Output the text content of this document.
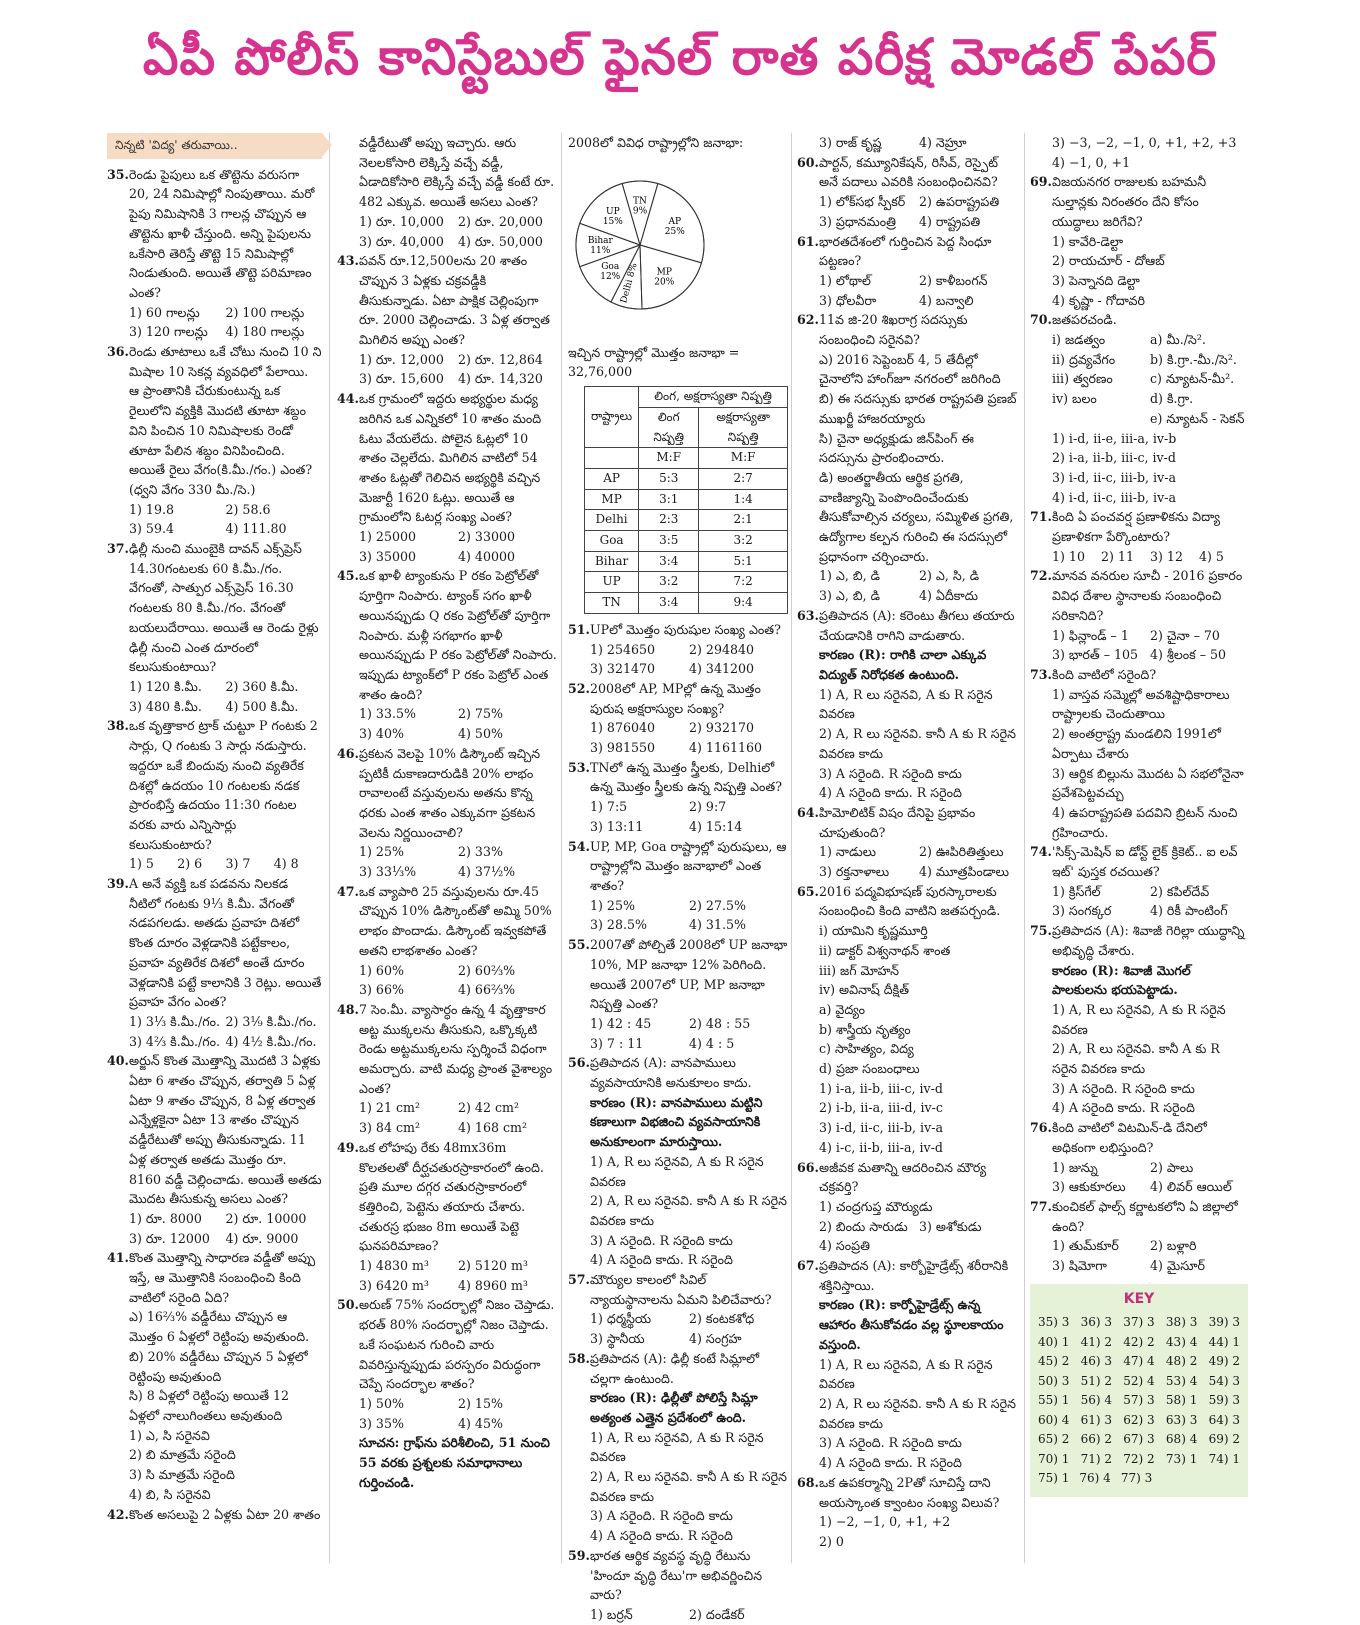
ఏపీ పోలీస్ కానిస్టేబుల్ ఫైనల్ రాత పరీక్ష మోడల్ పేపర్
నిన్నటి 'విద్య' తరువాయి..
35. రెండు పైపులు ఒక తొట్టెను వరుసగా 20, 24 నిమిషాల్లో నింపుతాయి. మరో పైపు నిమిషానికి 3 గాలన్ల చొప్పున ఆ తొట్టెను ఖాళీ చేస్తుంది. అన్ని పైపులను ఒకేసారి తెరిస్తే తొట్టె 15 నిమిషాల్లో నిండుతుంది. అయితే తొట్టె పరిమాణం ఎంత?
1) 60 గాలన్లు	2) 100 గాలన్లు
3) 120 గాలన్లు	4) 180 గాలన్లు
36. రెండు తూటాలు ఒకే చోటు నుంచి 10 ని మిషాల 10 సెకన్ల వ్యవధిలో పేలాయి. ఆ ప్రాంతానికి చేరుకుంటున్న ఒక రైలులోని వ్యక్తికి మొదటి తూటా శబ్దం విని పించిన 10 నిమిషాలకు రెండో తూటా పేలిన శబ్దం వినిపించింది. అయితే రైలు వేగం(కి.మీ./గం.) ఎంత? (ధ్వని వేగం 330 మీ./సె.)
1) 19.8	2) 58.6
3) 59.4	4) 111.80
37. ఢిల్లీ నుంచి ముంబైకి దావన్ ఎక్స్‌ప్రెస్ 14.30గంటలకు 60 కి.మీ./గం. వేగంతో, సాత్పుర ఎక్స్‌ప్రెస్ 16.30 గంటలకు 80 కి.మీ./గం. వేగంతో బయలుదేరాయి. అయితే ఆ రెండు రైళ్లు ఢిల్లీ నుంచి ఎంత దూరంలో కలుసుకుంటాయి?
1) 120 కి.మీ.	2) 360 కి.మీ.
3) 480 కి.మీ.	4) 500 కి.మీ.
38. ఒక వృత్తాకార ట్రాక్ చుట్టూ P గంటకు 2 సార్లు, Q గంటకు 3 సార్లు నడుస్తారు. ఇద్దరూ ఒకే బిందువు నుంచి వ్యతిరేక దిశల్లో ఉదయం 10 గంటలకు నడక ప్రారంభిస్తే ఉదయం 11:30 గంటల వరకు వారు ఎన్నిసార్లు కలుసుకుంటారు?
1) 5	2) 6	3) 7	4) 8
39. A అనే వ్యక్తి ఒక పడవను నిలకడ నీటిలో గంటకు 9⅓ కి.మీ. వేగంతో నడపగలడు. అతడు ప్రవాహ దిశలో కొంత దూరం వెళ్లడానికి పట్టేకాలం, ప్రవాహ వ్యతిరేక దిశలో అంతే దూరం వెళ్లడానికి పట్టే కాలానికి 3 రెట్లు. అయితే ప్రవాహ వేగం ఎంత?
1) 3⅓ కి.మీ./గం. 2) 3⅑ కి.మీ./గం.
3) 4⅔ కి.మీ./గం. 4) 4½ కి.మీ./గం.
40. అర్జున్ కొంత మొత్తాన్ని మొదటి 3 ఏళ్లకు ఏటా 6 శాతం చొప్పున, తర్వాతి 5 ఏళ్ల ఏటా 9 శాతం చొప్పున, 8 ఏళ్ల తర్వాత ఎన్నేళ్లకైనా ఏటా 13 శాతం చొప్పున వడ్డీరేటుతో అప్పు తీసుకున్నాడు. 11 ఏళ్ల తర్వాత అతడు మొత్తం రూ. 8160 వడ్డీ చెల్లించాడు. అయితే అతడు మొదట తీసుకున్న అసలు ఎంత?
1) రూ. 8000	2) రూ. 10000
3) రూ. 12000	4) రూ. 9000
41. కొంత మొత్తాన్ని సాధారణ వడ్డీతో అప్పు ఇస్తే, ఆ మొత్తానికి సంబంధించి కింది వాటిలో సరైంది ఏది?
ఎ) 16⅔% వడ్డీరేటు చొప్పున ఆ మొత్తం 6 ఏళ్లలో రెట్టింపు అవుతుంది.
బి) 20% వడ్డీరేటు చొప్పున 5 ఏళ్లలో రెట్టింపు అవుతుంది
సి) 8 ఏళ్లలో రెట్టింపు అయితే 12 ఏళ్లలో నాలుగింతలు అవుతుంది
1) ఎ, సి సరైనవి
2) బి మాత్రమే సరైంది
3) సి మాత్రమే సరైంది
4) బి, సి సరైనవి
42. కొంత అసలుపై 2 ఏళ్లకు ఏటా 20 శాతం
వడ్డీరేటుతో అప్పు ఇచ్చారు. ఆరు నెలలకోసారి లెక్కిస్తే వచ్చే వడ్డీ, ఏడాదికోసారి లెక్కిస్తే వచ్చే వడ్డీ కంటే రూ. 482 ఎక్కువ. అయితే అసలు ఎంత?
1) రూ. 10,000	2) రూ. 20,000
3) రూ. 40,000	4) రూ. 50,000
43. పవన్ రూ.12,500లను 20 శాతం చొప్పున 3 ఏళ్లకు చక్రవడ్డీకి తీసుకున్నాడు. ఏటా పాక్షిక చెల్లింపుగా రూ. 2000 చెల్లించాడు. 3 ఏళ్ల తర్వాత మిగిలిన అప్పు ఎంత?
1) రూ. 12,000	2) రూ. 12,864
3) రూ. 15,600	4) రూ. 14,320
44. ఒక గ్రామంలో ఇద్దరు అభ్యర్థుల మధ్య జరిగిన ఒక ఎన్నికలో 10 శాతం మంది ఓటు వేయలేదు. పోలైన ఓట్లలో 10 శాతం చెల్లలేదు. మిగిలిన వాటిలో 54 శాతం ఓట్లతో గెలిచిన అభ్యర్థికి వచ్చిన మెజార్టీ 1620 ఓట్లు. అయితే ఆ గ్రామంలోని ఓటర్ల సంఖ్య ఎంత?
1) 25000	2) 33000
3) 35000	4) 40000
45. ఒక ఖాళీ ట్యాంకును P రకం పెట్రోల్‌తో పూర్తిగా నింపారు. ట్యాంక్ సగం ఖాళీ అయినప్పుడు Q రకం పెట్రోల్‌తో పూర్తిగా నింపారు. మళ్లీ సగభాగం ఖాళీ అయినప్పుడు P రకం పెట్రోల్‌తో నింపారు. ఇప్పుడు ట్యాంక్‌లో P రకం పెట్రోల్ ఎంత శాతం ఉంది?
1) 33.5%	2) 75%
3) 40%	4) 50%
46. ప్రకటన వెలపై 10% డిస్కౌంట్ ఇచ్చిన ప్పటికీ దుకాణదారుడికి 20% లాభం రావాలంటే వస్తువులను అతను కొన్న ధరకు ఎంత శాతం ఎక్కువగా ప్రకటన వెలను నిర్ణయించాలి?
1) 25%	2) 33%
3) 33⅓%	4) 37½%
47. ఒక వ్యాపారి 25 వస్తువులను రూ.45 చొప్పున 10% డిస్కౌంట్‌తో అమ్మి 50% లాభం పొందాడు. డిస్కౌంట్ ఇవ్వకపోతే అతని లాభశాతం ఎంత?
1) 60%	2) 60⅔%
3) 66%	4) 66⅔%
48. 7 సెం.మీ. వ్యాసార్ధం ఉన్న 4 వృత్తాకార అట్ట ముక్కలను తీసుకుని, ఒక్కొక్కటి రెండు అట్టముక్కలను స్పర్శించే విధంగా అమర్చారు. వాటి మధ్య ప్రాంత వైశాల్యం ఎంత?
1) 21 cm²	2) 42 cm²
3) 84 cm²	4) 168 cm²
49. ఒక లోహపు రేకు 48mx36m కొలతలతో దీర్ఘచతురస్రాకారంలో ఉంది. ప్రతి మూల దగ్గర చతురస్రాకారంలో కత్తిరించి, పెట్టెను తయారు చేశారు. చతురస్ర భుజం 8m అయితే పెట్టె ఘనపరిమాణం?
1) 4830 m³	2) 5120 m³
3) 6420 m³	4) 8960 m³
50. అరుణ్ 75% సందర్భాల్లో నిజం చెప్తాడు. భరత్ 80% సందర్భాల్లో నిజం చెప్తాడు. ఒకే సంఘటన గురించి వారు వివరిస్తున్నప్పుడు పరస్పరం విరుద్ధంగా చెప్పే సందర్భాల శాతం?
1) 50%	2) 15%
3) 35%	4) 45%
సూచన: గ్రాఫ్‌ను పరిశీలించి, 51 నుంచి 55 వరకు ప్రశ్నలకు సమాధానాలు గుర్తించండి.
2008లో వివిధ రాష్ట్రాల్లోని జనాభా:
TN 9%
AP 25%
MP 20%
Delhi 8%
Goa 12%
Bihar 11%
UP 15%
ఇచ్చిన రాష్ట్రాల్లో మొత్తం జనాభా = 32,76,000
రాష్ట్రాలు	లింగ, అక్షరాస్యతా నిష్పత్తి	
	లింగ నిష్పత్తి	అక్షరాస్యతా నిష్పత్తి
	M:F	M:F
AP	5:3	2:7
MP	3:1	1:4
Delhi	2:3	2:1
Goa	3:5	3:2
Bihar	3:4	5:1
UP	3:2	7:2
TN	3:4	9:4
51. UPలో మొత్తం పురుషుల సంఖ్య ఎంత?
1) 254650	2) 294840
3) 321470	4) 341200
52. 2008లో AP, MPల్లో ఉన్న మొత్తం పురుష అక్షరాస్యుల సంఖ్య?
1) 876040	2) 932170
3) 981550	4) 1161160
53. TNలో ఉన్న మొత్తం స్త్రీలకు, Delhiలో ఉన్న మొత్తం స్త్రీలకు ఉన్న నిష్పత్తి ఎంత?
1) 7:5	2) 9:7
3) 13:11	4) 15:14
54. UP, MP, Goa రాష్ట్రాల్లో పురుషులు, ఆ రాష్ట్రాల్లోని మొత్తం జనాభాలో ఎంత శాతం?
1) 25%	2) 27.5%
3) 28.5%	4) 31.5%
55. 2007తో పోల్చితే 2008లో UP జనాభా 10%, MP జనాభా 12% పెరిగింది. అయితే 2007లో UP, MP జనాభా నిష్పత్తి ఎంత?
1) 42 : 45	2) 48 : 55
3) 7 : 11	4) 4 : 5
56. ప్రతిపాదన (A): వానపాములు వ్యవసాయానికి అనుకూలం కాదు.
కారణం (R): వానపాములు మట్టిని కణాలుగా విభజించి వ్యవసాయానికి అనుకూలంగా మారుస్తాయి.
1) A, R లు సరైనవి, A కు R సరైన వివరణ
2) A, R లు సరైనవి. కానీ A కు R సరైన వివరణ కాదు
3) A సరైంది. R సరైంది కాదు
4) A సరైంది కాదు. R సరైంది
57. మౌర్యుల కాలంలో సివిల్ న్యాయస్థానాలను ఏమని పిలిచేవారు?
1) ధర్మస్థీయ	2) కంటకశోధ
3) స్థానీయ	4) సంగ్రహ
58. ప్రతిపాదన (A): ఢిల్లీ కంటే సిమ్లాలో చల్లగా ఉంటుంది.
కారణం (R): ఢిల్లీతో పోలిస్తే సిమ్లా అత్యంత ఎత్తైన ప్రదేశంలో ఉంది.
1) A, R లు సరైనవి, A కు R సరైన వివరణ
2) A, R లు సరైనవి. కానీ A కు R సరైన వివరణ కాదు
3) A సరైంది. R సరైంది కాదు
4) A సరైంది కాదు. R సరైంది
59. భారత ఆర్థిక వ్యవస్థ వృద్ధి రేటును 'హిందూ వృద్ధి రేటు'గా అభివర్ణించిన వారు?
1) బర్రన్	2) దండేకర్
3) రాజ్ కృష్ణ	4) నెహ్రూ
60. పార్టన్, కమ్యూనికేషన్, రిసీవ్, రెస్పైట్ అనే పదాలు ఎవరికి సంబంధించినవి?
1) లోక్‌సభ స్పీకర్	2) ఉపరాష్ట్రపతి
3) ప్రధానమంత్రి	4) రాష్ట్రపతి
61. భారతదేశంలో గుర్తించిన పెద్ద సింధూ పట్టణం?
1) లోథాల్	2) కాళీబంగన్
3) ధోలవీరా	4) బన్వాలి
62. 11వ జి-20 శిఖరాగ్ర సదస్సుకు సంబంధించి సరైనవి?
ఎ) 2016 సెప్టెంబర్ 4, 5 తేదీల్లో చైనాలోని హాంగ్‌జూ నగరంలో జరిగింది
బి) ఈ సదస్సుకు భారత రాష్ట్రపతి ప్రణబ్ ముఖర్జీ హాజరయ్యారు
సి) చైనా అధ్యక్షుడు జిన్‌పింగ్ ఈ సదస్సును ప్రారంభించారు.
డి) అంతర్జాతీయ ఆర్థిక ప్రగతి, వాణిజ్యాన్ని పెంపొందించేందుకు తీసుకోవాల్సిన చర్యలు, సమ్మిళిత ప్రగతి, ఉద్యోగాల కల్పన గురించి ఈ సదస్సులో ప్రధానంగా చర్చించారు.
1) ఎ, బి, డి	2) ఎ, సి, డి
3) ఎ, బి, డి	4) ఏదీకాదు
63. ప్రతిపాదన (A): కరెంటు తీగలు తయారు చేయడానికి రాగిని వాడుతారు.
కారణం (R): రాగికి చాలా ఎక్కువ విద్యుత్ నిరోధకత ఉంటుంది.
1) A, R లు సరైనవి, A కు R సరైన వివరణ
2) A, R లు సరైనవి. కానీ A కు R సరైన వివరణ కాదు
3) A సరైంది. R సరైంది కాదు
4) A సరైంది కాదు. R సరైంది
64. హిమోలిటిక్ విషం దేనిపై ప్రభావం చూపుతుంది?
1) నాడులు	2) ఊపిరితిత్తులు
3) రక్తనాళాలు	4) మూత్రపిండాలు
65. 2016 పద్మవిభూషణ్ పురస్కారాలకు సంబంధించి కింది వాటిని జతపర్చండి.
i) యామిని కృష్ణమూర్తి
ii) డాక్టర్ విశ్వనాథన్ శాంత
iii) జగ్ మోహన్
iv) అవినాష్ దీక్షిత్
a) వైద్యం
b) శాస్త్రీయ నృత్యం
c) సాహిత్యం, విద్య
d) ప్రజా సంబంధాలు
1) i-a, ii-b, iii-c, iv-d
2) i-b, ii-a, iii-d, iv-c
3) i-d, ii-c, iii-b, iv-a
4) i-c, ii-b, iii-a, iv-d
66. అజీవక మతాన్ని ఆదరించిన మౌర్య చక్రవర్తి?
1) చంద్రగుప్త మౌర్యుడు
2) బిందు సారుడు 3) అశోకుడు
4) సంప్రతి
67. ప్రతిపాదన (A): కార్బోహైడ్రేట్స్ శరీరానికి శక్తినిస్తాయి.
కారణం (R): కార్బోహైడ్రేట్స్ ఉన్న ఆహారం తీసుకోవడం వల్ల స్థూలకాయం వస్తుంది.
1) A, R లు సరైనవి, A కు R సరైన వివరణ
2) A, R లు సరైనవి. కానీ A కు R సరైన వివరణ కాదు
3) A సరైంది. R సరైంది కాదు
4) A సరైంది కాదు. R సరైంది
68. ఒక ఉపకర్మాన్ని 2Pతో సూచిస్తే దాని అయస్కాంత క్వాంటం సంఖ్య విలువ?
1) −2, −1, 0, +1, +2
2) 0
3) −3, −2, −1, 0, +1, +2, +3
4) −1, 0, +1
69. విజయనగర రాజులకు బహమనీ సుల్తాన్లకు నిరంతరం దేని కోసం యుద్ధాలు జరిగేవి?
1) కావేరి-డెల్టా
2) రాయచూర్ - దోఆబ్
3) పెన్నానది డెల్టా
4) కృష్ణా - గోదావరి
70. జతపరచండి.
i) జడత్వం	a) మీ./సె².
ii) ద్రవ్యవేగం	b) కి.గ్రా.-మీ./సె².
iii) త్వరణం	c) న్యూటన్-మీ².
iv) బలం	d) కి.గ్రా.
e) న్యూటన్ - సెకన్
1) i-d, ii-e, iii-a, iv-b
2) i-a, ii-b, iii-c, iv-d
3) i-d, ii-c, iii-b, iv-a
4) i-d, ii-c, iii-b, iv-a
71. కింది ఏ పంచవర్ష ప్రణాళికను విద్యా ప్రణాళికగా పేర్కొంటారు?
1) 10	2) 11	3) 12	4) 5
72. మానవ వనరుల సూచీ - 2016 ప్రకారం వివిధ దేశాల స్థానాలకు సంబంధించి సరికానిది?
1) ఫిన్లాండ్ – 1	2) చైనా – 70
3) భారత్ – 105 4) శ్రీలంక – 50
73. కింది వాటిలో సరైంది?
1) వాస్తవ సమ్మెల్లో అవశిష్టాధికారాలు రాష్ట్రాలకు చెందుతాయి
2) అంతర్రాష్ట్ర మండలిని 1991లో ఏర్పాటు చేశారు
3) ఆర్థిక బిల్లును మొదట ఏ సభలోనైనా ప్రవేశపెట్టవచ్చు
4) ఉపరాష్ట్రపతి పదవిని బ్రిటన్ నుంచి గ్రహించారు.
74. 'సిక్స్-మెషిన్ ఐ డోన్ట్ లైక్ క్రికెట్.. ఐ లవ్ ఇట్' పుస్తక రచయిత?
1) క్రిస్‌గేల్	2) కపిల్‌దేవ్
3) సంగక్కర	4) రికీ పాంటింగ్
75. ప్రతిపాదన (A): శివాజీ గెరిల్లా యుద్ధాన్ని అభివృద్ధి చేశారు.
కారణం (R): శివాజీ మొగల్ పాలకులను భయపెట్టాడు.
1) A, R లు సరైనవి, A కు R సరైన వివరణ
2) A, R లు సరైనవి. కానీ A కు R సరైన వివరణ కాదు
3) A సరైంది. R సరైంది కాదు
4) A సరైంది కాదు. R సరైంది
76. కింది వాటిలో విటమిన్-డి దేనిలో అధికంగా లభిస్తుంది?
1) జున్ను	2) పాలు
3) ఆకుకూరలు	4) లివర్ ఆయిల్
77. కుంచికల్ ఫాల్స్ కర్ణాటకలోని ఏ జిల్లాలో ఉంది?
1) తుమ్‌కూర్	2) బళ్లారి
3) షిమోగా	4) మైసూర్
KEY
35) 3 36) 3 37) 3 38) 3 39) 3
40) 1 41) 2 42) 2 43) 4 44) 1
45) 2 46) 3 47) 4 48) 2 49) 2
50) 3 51) 2 52) 4 53) 4 54) 3
55) 1 56) 4 57) 3 58) 1 59) 3
60) 4 61) 3 62) 3 63) 3 64) 3
65) 2 66) 2 67) 3 68) 4 69) 2
70) 1 71) 2 72) 2 73) 1 74) 1
75) 1 76) 4 77) 3
